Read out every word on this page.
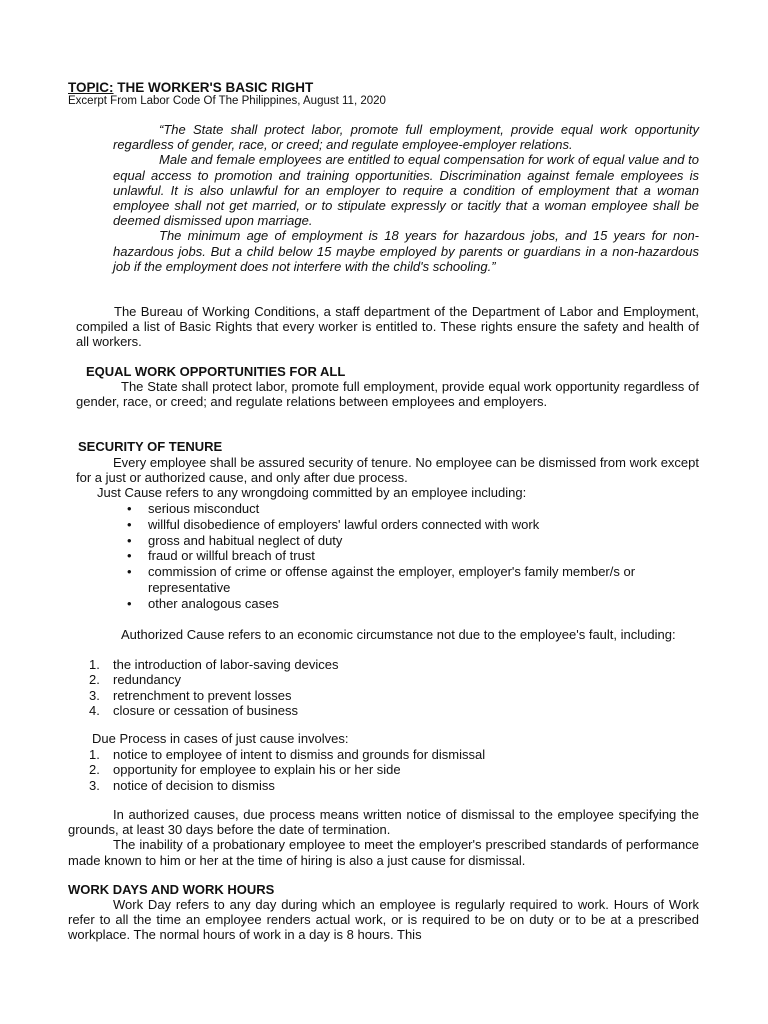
TOPIC: THE WORKER'S BASIC RIGHT
Excerpt From Labor Code Of The Philippines, August 11, 2020

“The State shall protect labor, promote full employment, provide equal work opportunity regardless of gender, race, or creed; and regulate employee-employer relations.

Male and female employees are entitled to equal compensation for work of equal value and to equal access to promotion and training opportunities. Discrimination against female employees is unlawful. It is also unlawful for an employer to require a condition of employment that a woman employee shall not get married, or to stipulate expressly or tacitly that a woman employee shall be deemed dismissed upon marriage.

The minimum age of employment is 18 years for hazardous jobs, and 15 years for non-hazardous jobs. But a child below 15 maybe employed by parents or guardians in a non-hazardous job if the employment does not interfere with the child's schooling.”

The Bureau of Working Conditions, a staff department of the Department of Labor and Employment, compiled a list of Basic Rights that every worker is entitled to. These rights ensure the safety and health of all workers.

EQUAL WORK OPPORTUNITIES FOR ALL

The State shall protect labor, promote full employment, provide equal work opportunity regardless of gender, race, or creed; and regulate relations between employees and employers.

SECURITY OF TENURE

Every employee shall be assured security of tenure. No employee can be dismissed from work except for a just or authorized cause, and only after due process.

Just Cause refers to any wrongdoing committed by an employee including:
• serious misconduct
• willful disobedience of employers' lawful orders connected with work
• gross and habitual neglect of duty
• fraud or willful breach of trust
• commission of crime or offense against the employer, employer's family member/s or representative
• other analogous cases

Authorized Cause refers to an economic circumstance not due to the employee's fault, including:

1. the introduction of labor-saving devices
2. redundancy
3. retrenchment to prevent losses
4. closure or cessation of business
Due Process in cases of just cause involves:
1. notice to employee of intent to dismiss and grounds for dismissal
2. opportunity for employee to explain his or her side
3. notice of decision to dismiss

In authorized causes, due process means written notice of dismissal to the employee specifying the grounds, at least 30 days before the date of termination.

The inability of a probationary employee to meet the employer's prescribed standards of performance made known to him or her at the time of hiring is also a just cause for dismissal.

WORK DAYS AND WORK HOURS

Work Day refers to any day during which an employee is regularly required to work. Hours of Work refer to all the time an employee renders actual work, or is required to be on duty or to be at a prescribed workplace. The normal hours of work in a day is 8 hours. This
